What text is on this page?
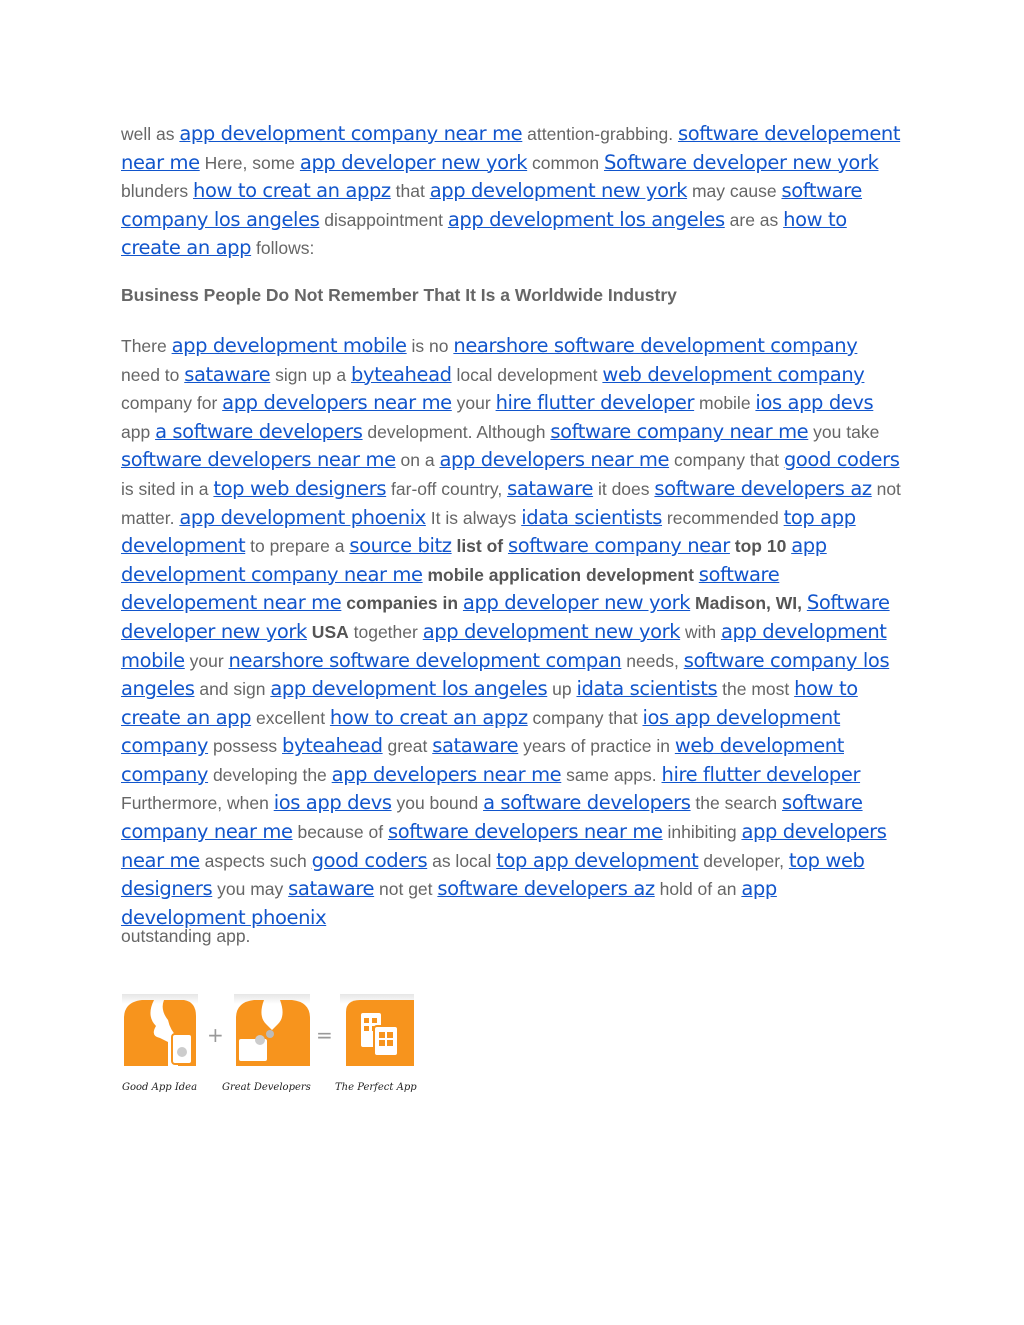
well as app development company near me attention-grabbing. software developement near me Here, some app developer new york common Software developer new york blunders how to creat an appz that app development new york may cause software company los angeles disappointment app development los angeles are as how to create an app follows:

Business People Do Not Remember That It Is a Worldwide Industry

There app development mobile is no nearshore software development company need to sataware sign up a byteahead local development web development company company for app developers near me your hire flutter developer mobile ios app devs app a software developers development. Although software company near me you take software developers near me on a app developers near me company that good coders is sited in a top web designers far-off country, sataware it does software developers az not matter. app development phoenix It is always idata scientists recommended top app development to prepare a source bitz list of software company near top 10 app development company near me mobile application development software developement near me companies in app developer new york Madison, WI, Software developer new york USA together app development new york with app development mobile your nearshore software development compan needs, software company los angeles and sign app development los angeles up idata scientists the most how to create an app excellent how to creat an appz company that ios app development company possess byteahead great sataware years of practice in web development company developing the app developers near me same apps. hire flutter developer Furthermore, when ios app devs you bound a software developers the search software company near me because of software developers near me inhibiting app developers near me aspects such good coders as local top app development developer, top web designers you may sataware not get software developers az hold of an app development phoenix

outstanding app.

+	=
Good App Idea Great Developers The Perfect App
